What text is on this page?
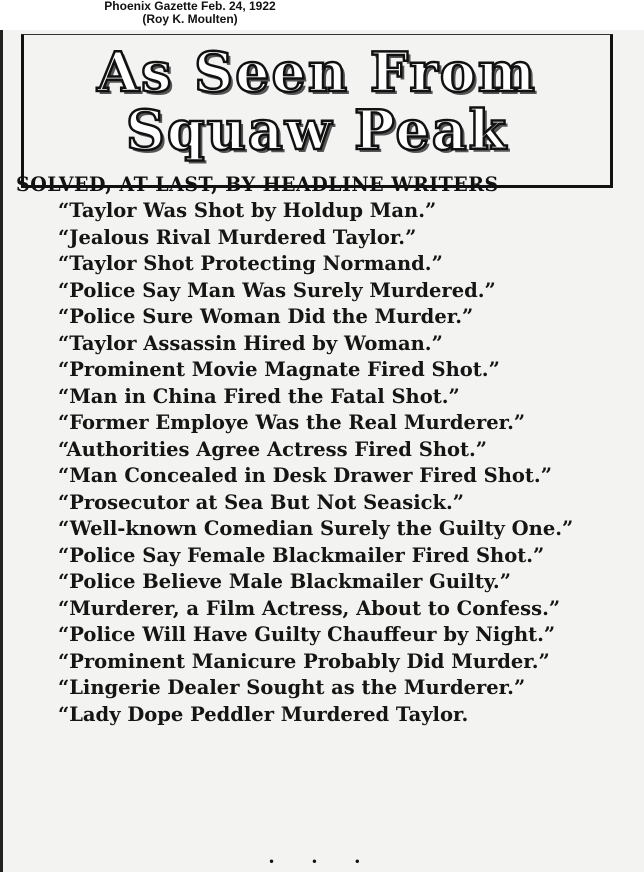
Phoenix Gazette Feb. 24, 1922
(Roy K. Moulten)
As Seen From
Squaw Peak
SOLVED, AT LAST, BY HEADLINE WRITERS
“Taylor Was Shot by Holdup Man.”
“Jealous Rival Murdered Taylor.”
“Taylor Shot Protecting Normand.”
“Police Say Man Was Surely Murdered.”
“Police Sure Woman Did the Murder.”
“Taylor Assassin Hired by Woman.”
“Prominent Movie Magnate Fired Shot.”
“Man in China Fired the Fatal Shot.”
“Former Employe Was the Real Murderer.”
“Authorities Agree Actress Fired Shot.”
“Man Concealed in Desk Drawer Fired Shot.”
“Prosecutor at Sea But Not Seasick.”
“Well-known Comedian Surely the Guilty One.”
“Police Say Female Blackmailer Fired Shot.”
“Police Believe Male Blackmailer Guilty.”
“Murderer, a Film Actress, About to Confess.”
“Police Will Have Guilty Chauffeur by Night.”
“Prominent Manicure Probably Did Murder.”
“Lingerie Dealer Sought as the Murderer.”
“Lady Dope Peddler Murdered Taylor.
• • •
